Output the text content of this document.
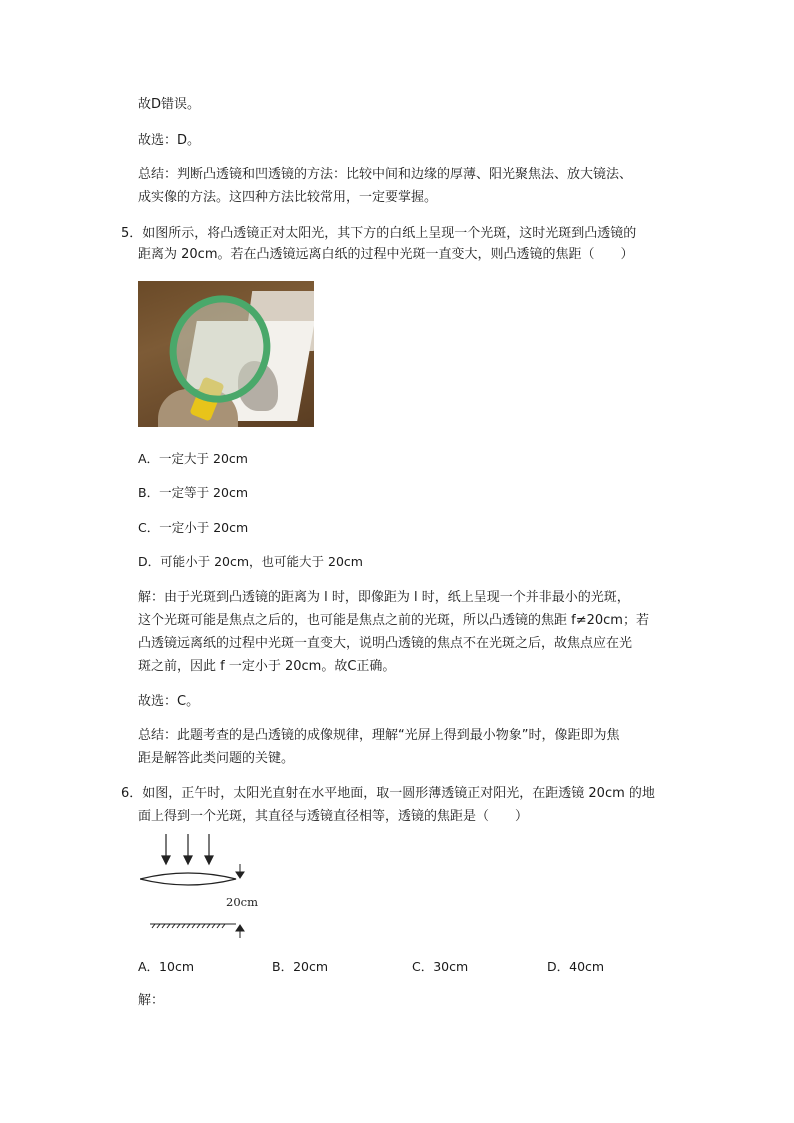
故D错误。
故选：D。
总结：判断凸透镜和凹透镜的方法：比较中间和边缘的厚薄、阳光聚焦法、放大镜法、
成实像的方法。这四种方法比较常用，一定要掌握。
5．如图所示，将凸透镜正对太阳光，其下方的白纸上呈现一个光斑，这时光斑到凸透镜的
距离为 20cm。若在凸透镜远离白纸的过程中光斑一直变大，则凸透镜的焦距（　　）
A．一定大于 20cm
B．一定等于 20cm
C．一定小于 20cm
D．可能小于 20cm，也可能大于 20cm
解：由于光斑到凸透镜的距离为 l 时，即像距为 l 时，纸上呈现一个并非最小的光斑，
这个光斑可能是焦点之后的，也可能是焦点之前的光斑，所以凸透镜的焦距 f≠20cm；若
凸透镜远离纸的过程中光斑一直变大，说明凸透镜的焦点不在光斑之后，故焦点应在光
斑之前，因此 f 一定小于 20cm。故C正确。
故选：C。
总结：此题考查的是凸透镜的成像规律，理解“光屏上得到最小物象”时，像距即为焦
距是解答此类问题的关键。
6．如图，正午时，太阳光直射在水平地面，取一圆形薄透镜正对阳光，在距透镜 20cm 的地
面上得到一个光斑，其直径与透镜直径相等，透镜的焦距是（　　）
20cm
A．10cm	B．20cm	C．30cm	D．40cm
解：
